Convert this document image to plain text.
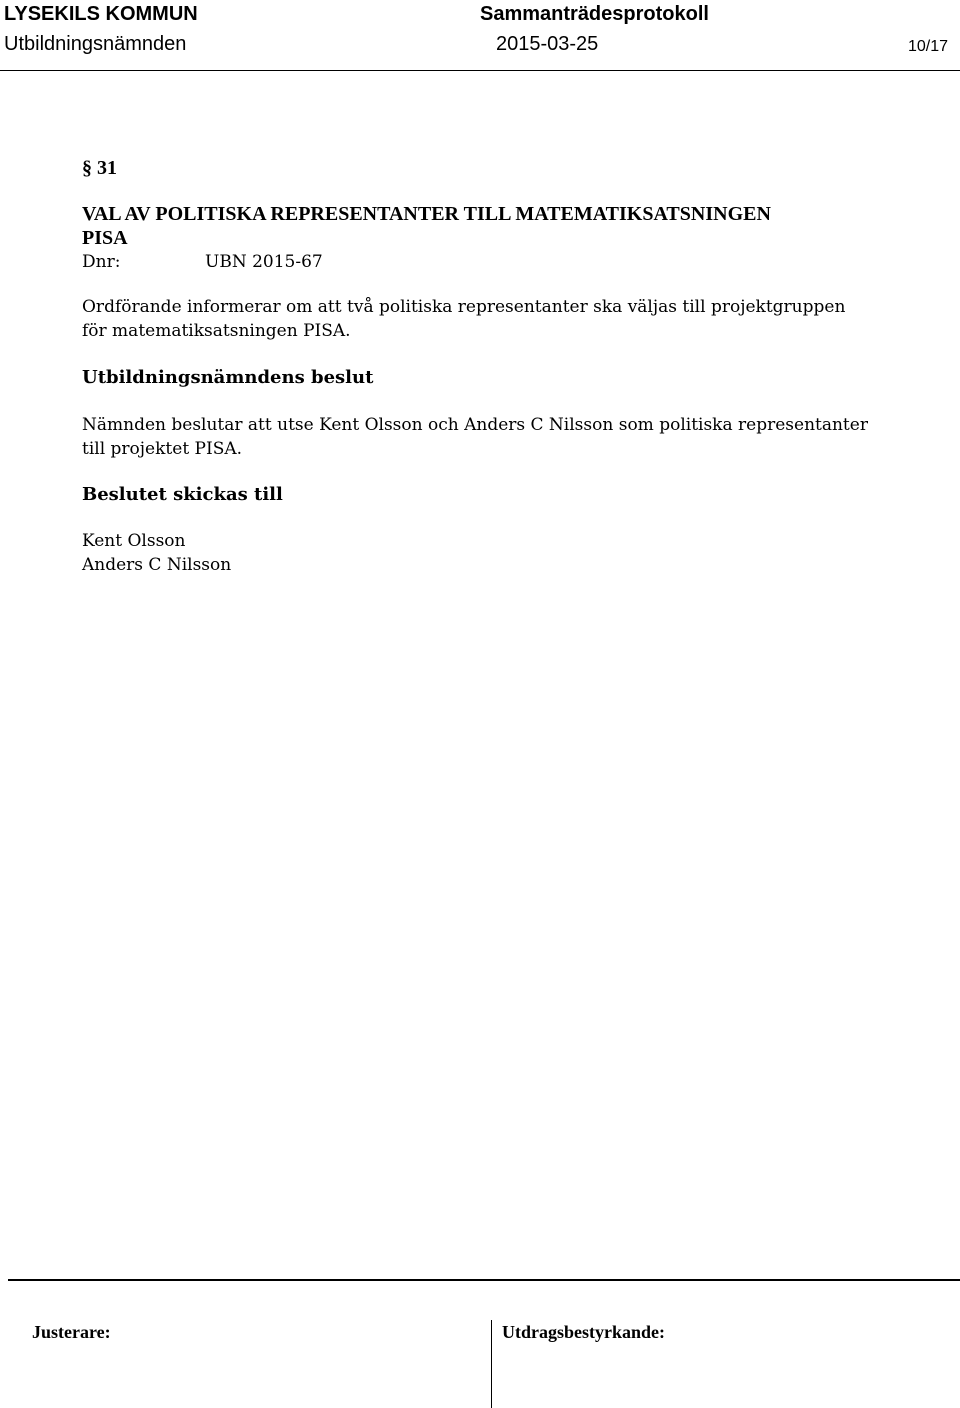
LYSEKILS KOMMUN	Sammanträdesprotokoll
Utbildningsnämnden	2015-03-25	10/17
§ 31
VAL AV POLITISKA REPRESENTANTER TILL MATEMATIKSATSNINGEN
PISA
Dnr:	UBN 2015-67
Ordförande informerar om att två politiska representanter ska väljas till projektgruppen
för matematiksatsningen PISA.
Utbildningsnämndens beslut
Nämnden beslutar att utse Kent Olsson och Anders C Nilsson som politiska representanter
till projektet PISA.
Beslutet skickas till
Kent Olsson
Anders C Nilsson
Justerare:	Utdragsbestyrkande:
